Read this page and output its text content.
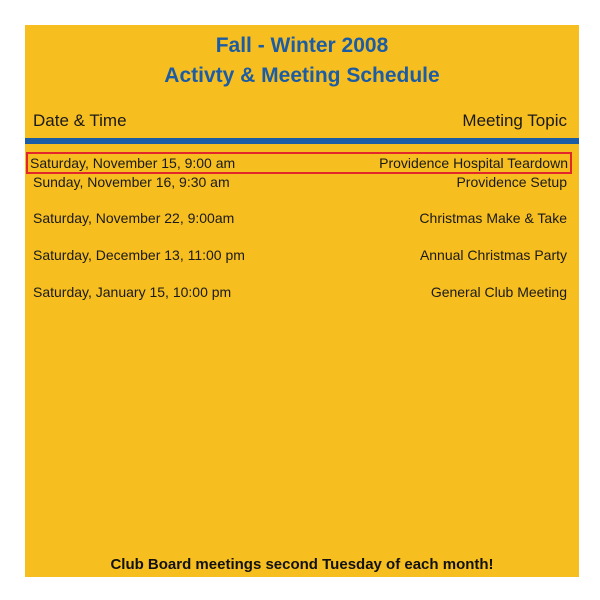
Fall - Winter 2008
Activty & Meeting Schedule
Date & Time	Meeting Topic
Saturday, November 15, 9:00 am	Providence Hospital Teardown
Sunday, November 16, 9:30 am	Providence Setup
Saturday, November 22, 9:00am	Christmas Make & Take
Saturday, December 13, 11:00 pm	Annual Christmas Party
Saturday, January 15, 10:00 pm	General Club Meeting
Club Board meetings second Tuesday of each month!
